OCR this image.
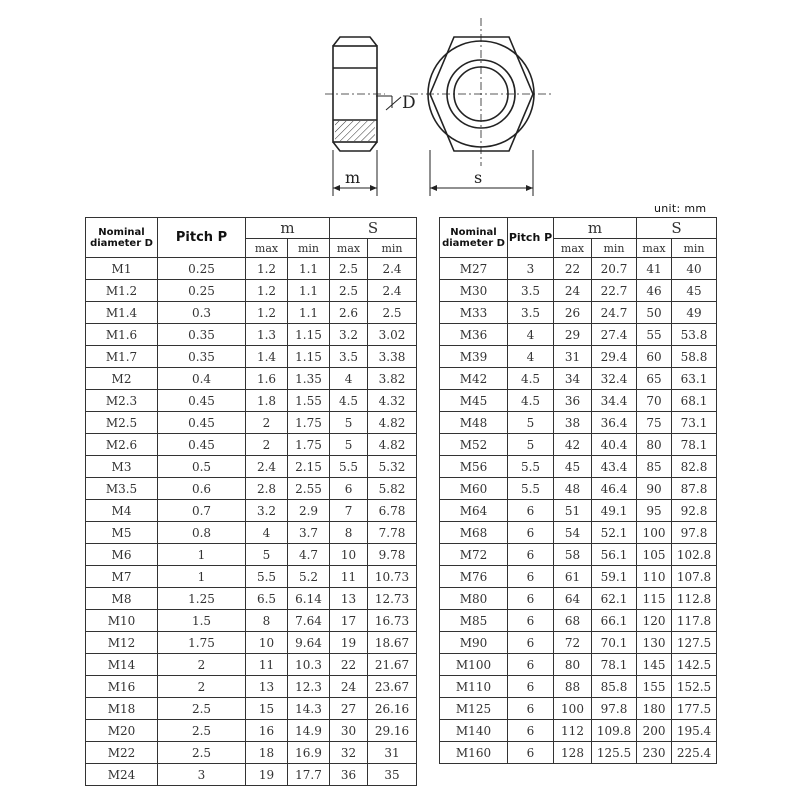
D
m	s
unit: mm
Nominal diameter D	Pitch P	m		S	
		max	min	max	min
M1	0.25	1.2	1.1	2.5	2.4
M1.2	0.25	1.2	1.1	2.5	2.4
M1.4	0.3	1.2	1.1	2.6	2.5
M1.6	0.35	1.3	1.15	3.2	3.02
M1.7	0.35	1.4	1.15	3.5	3.38
M2	0.4	1.6	1.35	4	3.82
M2.3	0.45	1.8	1.55	4.5	4.32
M2.5	0.45	2	1.75	5	4.82
M2.6	0.45	2	1.75	5	4.82
M3	0.5	2.4	2.15	5.5	5.32
M3.5	0.6	2.8	2.55	6	5.82
M4	0.7	3.2	2.9	7	6.78
M5	0.8	4	3.7	8	7.78
M6	1	5	4.7	10	9.78
M7	1	5.5	5.2	11	10.73
M8	1.25	6.5	6.14	13	12.73
M10	1.5	8	7.64	17	16.73
M12	1.75	10	9.64	19	18.67
M14	2	11	10.3	22	21.67
M16	2	13	12.3	24	23.67
M18	2.5	15	14.3	27	26.16
M20	2.5	16	14.9	30	29.16
M22	2.5	18	16.9	32	31
M24	3	19	17.7	36	35
Nominal diameter D	Pitch P	m		S	
		max	min	max	min
M27	3	22	20.7	41	40
M30	3.5	24	22.7	46	45
M33	3.5	26	24.7	50	49
M36	4	29	27.4	55	53.8
M39	4	31	29.4	60	58.8
M42	4.5	34	32.4	65	63.1
M45	4.5	36	34.4	70	68.1
M48	5	38	36.4	75	73.1
M52	5	42	40.4	80	78.1
M56	5.5	45	43.4	85	82.8
M60	5.5	48	46.4	90	87.8
M64	6	51	49.1	95	92.8
M68	6	54	52.1	100	97.8
M72	6	58	56.1	105	102.8
M76	6	61	59.1	110	107.8
M80	6	64	62.1	115	112.8
M85	6	68	66.1	120	117.8
M90	6	72	70.1	130	127.5
M100	6	80	78.1	145	142.5
M110	6	88	85.8	155	152.5
M125	6	100	97.8	180	177.5
M140	6	112	109.8	200	195.4
M160	6	128	125.5	230	225.4
